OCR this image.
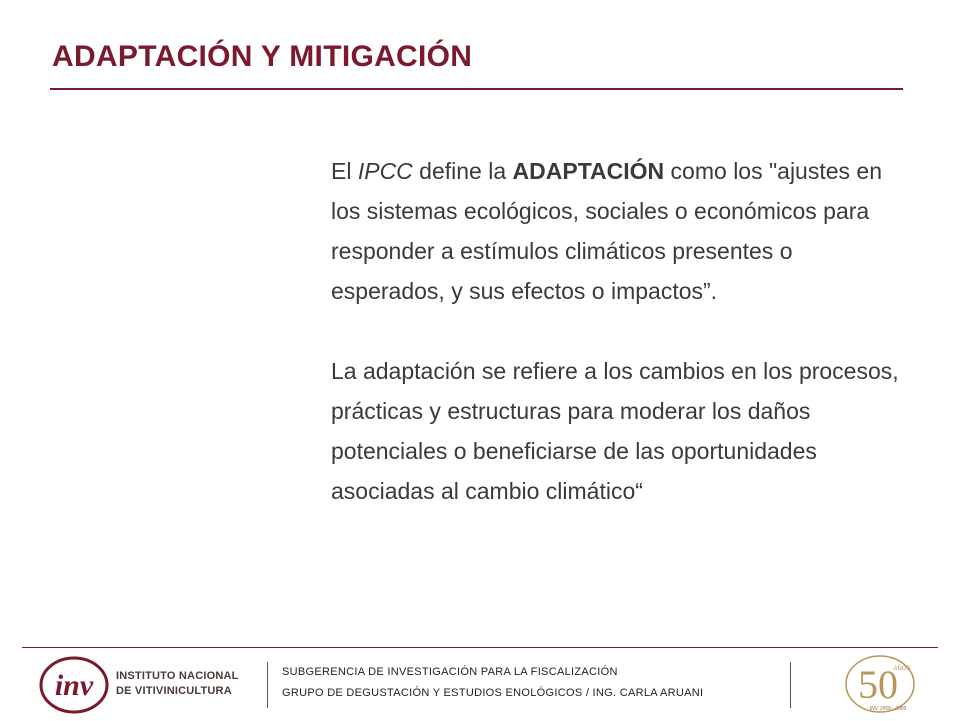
ADAPTACIÓN Y MITIGACIÓN

El IPCC define la ADAPTACIÓN como los "ajustes en los sistemas ecológicos, sociales o económicos para responder a estímulos climáticos presentes o esperados, y sus efectos o impactos”.

La adaptación se refiere a los cambios en los procesos, prácticas y estructuras para moderar los daños potenciales o beneficiarse de las oportunidades asociadas al cambio climático“

inv INSTITUTO NACIONAL
DE VITIVINICULTURA
SUBGERENCIA DE INVESTIGACIÓN PARA LA FISCALIZACIÓN
GRUPO DE DEGUSTACIÓN Y ESTUDIOS ENOLÓGICOS / ING. CARLA ARUANI	50
AÑOS
INV 1959 - 2009
